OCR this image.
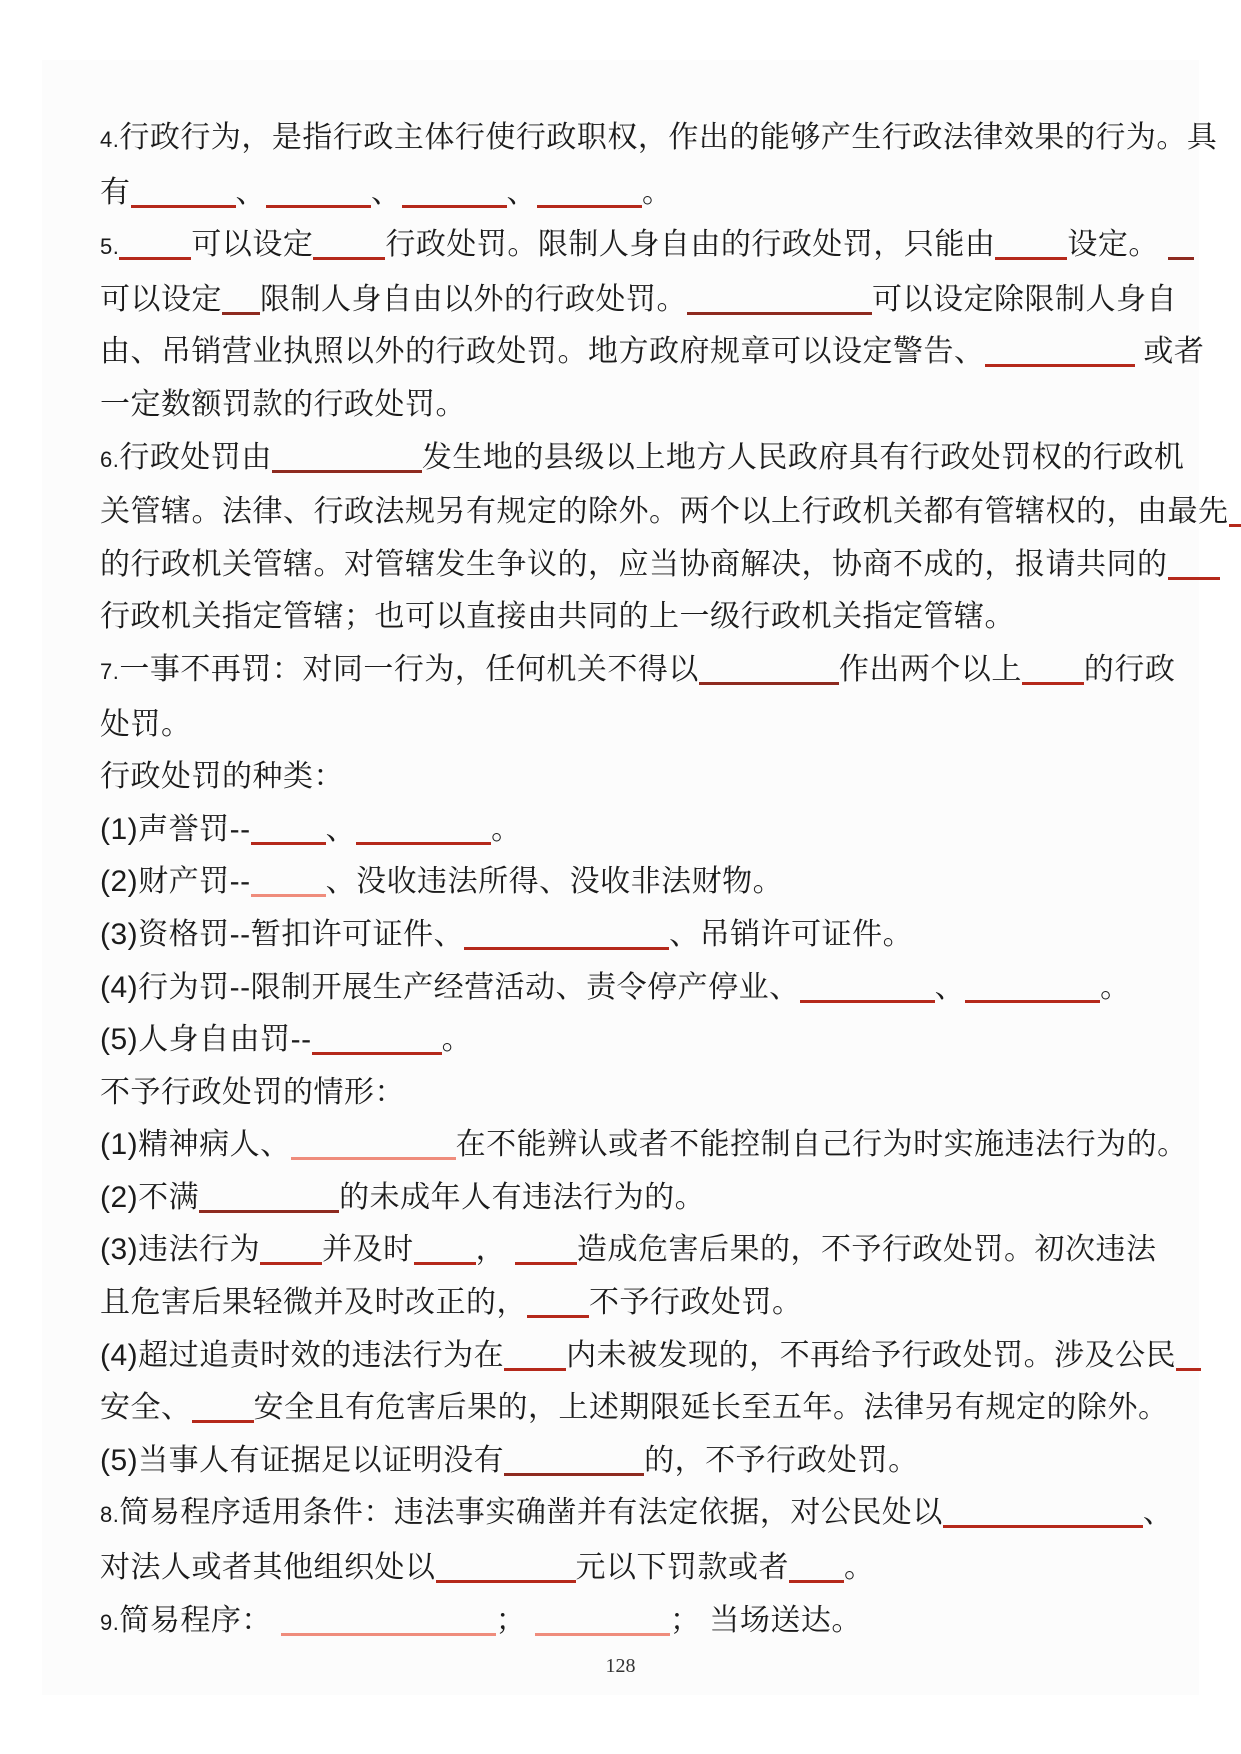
4.行政行为，是指行政主体行使行政职权，作出的能够产生行政法律效果的行为。具
有	、	、	、	。
5. 可以设定 行政处罚。限制人身自由的行政处罚，只能由 设定。
可以设定 限制人身自由以外的行政处罚。	可以设定除限制人身自
由、吊销营业执照以外的行政处罚。地方政府规章可以设定警告、	或者
一定数额罚款的行政处罚。
6.行政处罚由	发生地的县级以上地方人民政府具有行政处罚权的行政机
关管辖。法律、行政法规另有规定的除外。两个以上行政机关都有管辖权的，由最先
的行政机关管辖。对管辖发生争议的，应当协商解决，协商不成的，报请共同的
行政机关指定管辖；也可以直接由共同的上一级行政机关指定管辖。
7.一事不再罚：对同一行为，任何机关不得以	作出两个以上 的行政
处罚。
行政处罚的种类：
(1)声誉罚--	、	。
(2)财产罚--	、没收违法所得、没收非法财物。
(3)资格罚--暂扣许可证件、	、吊销许可证件。
(4)行为罚--限制开展生产经营活动、责令停产停业、	、	。
(5)人身自由罚--	。
不予行政处罚的情形：
(1)精神病人、	在不能辨认或者不能控制自己行为时实施违法行为的。
(2)不满	的未成年人有违法行为的。
(3)违法行为 并及时 ， 造成危害后果的，不予行政处罚。初次违法
且危害后果轻微并及时改正的， 不予行政处罚。
(4)超过追责时效的违法行为在 内未被发现的，不再给予行政处罚。涉及公民
安全、 安全且有危害后果的，上述期限延长至五年。法律另有规定的除外。
(5)当事人有证据足以证明没有	的，不予行政处罚。
8.简易程序适用条件：违法事实确凿并有法定依据，对公民处以	、
对法人或者其他组织处以	元以下罚款或者 。
9.简易程序：	；	； 当场送达。
128
